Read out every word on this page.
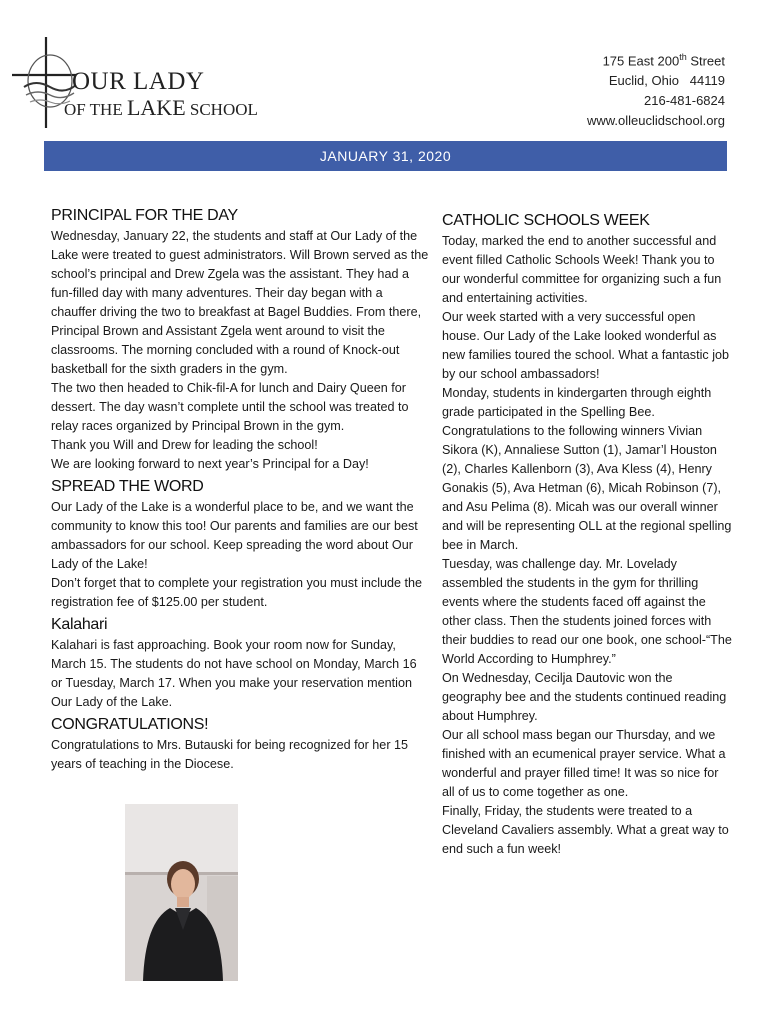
OUR LADY
OF THE LAKE SCHOOL
175 East 200th Street
Euclid, Ohio   44119
216-481-6824
www.olleuclidschool.org
JANUARY 31, 2020
PRINCIPAL FOR THE DAY

Wednesday, January 22, the students and staff at Our Lady of the Lake were treated to guest administrators. Will Brown served as the school’s principal and Drew Zgela was the assistant. They had a fun-filled day with many adventures. Their day began with a chauffer driving the two to breakfast at Bagel Buddies. From there, Principal Brown and Assistant Zgela went around to visit the classrooms. The morning concluded with a round of Knock-out basketball for the sixth graders in the gym.

The two then headed to Chik-fil-A for lunch and Dairy Queen for dessert. The day wasn’t complete until the school was treated to relay races organized by Principal Brown in the gym.

Thank you Will and Drew for leading the school!

We are looking forward to next year’s Principal for a Day!

SPREAD THE WORD

Our Lady of the Lake is a wonderful place to be, and we want the community to know this too! Our parents and families are our best ambassadors for our school. Keep spreading the word about Our Lady of the Lake!

Don’t forget that to complete your registration you must include the registration fee of $125.00 per student.

Kalahari

Kalahari is fast approaching. Book your room now for Sunday, March 15. The students do not have school on Monday, March 16 or Tuesday, March 17. When you make your reservation mention Our Lady of the Lake.

CONGRATULATIONS!

Congratulations to Mrs. Butauski for being recognized for her 15 years of teaching in the Diocese.

CATHOLIC SCHOOLS WEEK

Today, marked the end to another successful and event filled Catholic Schools Week! Thank you to our wonderful committee for organizing such a fun and entertaining activities.

Our week started with a very successful open house. Our Lady of the Lake looked wonderful as new families toured the school. What a fantastic job by our school ambassadors!

Monday, students in kindergarten through eighth grade participated in the Spelling Bee. Congratulations to the following winners Vivian Sikora (K), Annaliese Sutton (1), Jamar’l Houston (2), Charles Kallenborn (3), Ava Kless (4), Henry Gonakis (5), Ava Hetman (6), Micah Robinson (7), and Asu Pelima (8). Micah was our overall winner and will be representing OLL at the regional spelling bee in March.

Tuesday, was challenge day. Mr. Lovelady assembled the students in the gym for thrilling events where the students faced off against the other class. Then the students joined forces with their buddies to read our one book, one school-“The World According to Humphrey.”

On Wednesday, Cecilja Dautovic won the geography bee and the students continued reading about Humphrey.

Our all school mass began our Thursday, and we finished with an ecumenical prayer service. What a wonderful and prayer filled time! It was so nice for all of us to come together as one.

Finally, Friday, the students were treated to a Cleveland Cavaliers assembly. What a great way to end such a fun week!
